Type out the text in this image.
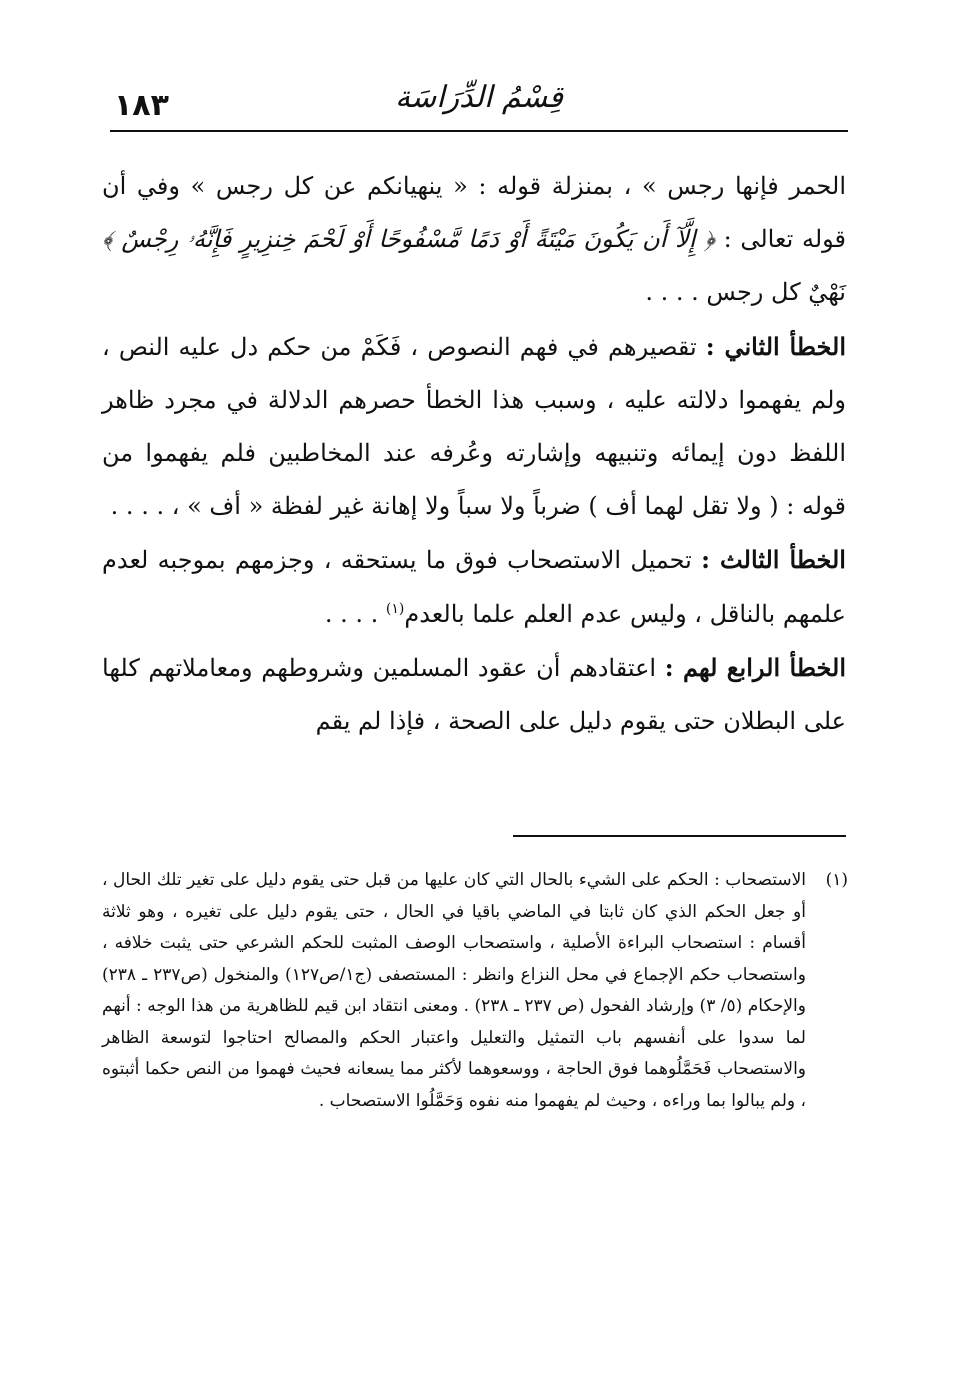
١٨٣	قِسْمُ الدِّرَاسَة

الحمر فإنها رجس » ، بمنزلة قوله : « ينهيانكم عن كل رجس » وفي أن قوله تعالى : ﴿ إِلَّآ أَن يَكُونَ مَيْتَةً أَوْ دَمًا مَّسْفُوحًا أَوْ لَحْمَ خِنزِيرٍ فَإِنَّهُۥ رِجْسٌ ﴾ نَهْيٌ كل رجس . . . .

الخطأ الثاني : تقصيرهم في فهم النصوص ، فَكَمْ من حكم دل عليه النص ، ولم يفهموا دلالته عليه ، وسبب هذا الخطأ حصرهم الدلالة في مجرد ظاهر اللفظ دون إيمائه وتنبيهه وإشارته وعُرفه عند المخاطبين فلم يفهموا من قوله : ( ولا تقل لهما أف ) ضرباً ولا سباً ولا إهانة غير لفظة « أف » ، . . . .

الخطأ الثالث : تحميل الاستصحاب فوق ما يستحقه ، وجزمهم بموجبه لعدم علمهم بالناقل ، وليس عدم العلم علما بالعدم$^{(١)}$ . . . .

الخطأ الرابع لهم : اعتقادهم أن عقود المسلمين وشروطهم ومعاملاتهم كلها على البطلان حتى يقوم دليل على الصحة ، فإذا لم يقم

(١)
الاستصحاب : الحكم على الشيء بالحال التي كان عليها من قبل حتى يقوم دليل على تغير تلك الحال ، أو جعل الحكم الذي كان ثابتا في الماضي باقيا في الحال ، حتى يقوم دليل على تغيره ، وهو ثلاثة أقسام : استصحاب البراءة الأصلية ، واستصحاب الوصف المثبت للحكم الشرعي حتى يثبت خلافه ، واستصحاب حكم الإجماع في محل النزاع وانظر : المستصفى (ج١/ص١٢٧) والمنخول (ص٢٣٧ ـ ٢٣٨) والإحكام (٥/ ٣) وإرشاد الفحول (ص ٢٣٧ ـ ٢٣٨) . ومعنى انتقاد ابن قيم للظاهرية من هذا الوجه : أنهم لما سدوا على أنفسهم باب التمثيل والتعليل واعتبار الحكم والمصالح احتاجوا لتوسعة الظاهر والاستصحاب فَحَمَّلُوهما فوق الحاجة ، ووسعوهما لأكثر مما يسعانه فحيث فهموا من النص حكما أثبتوه ، ولم يبالوا بما وراءه ، وحيث لم يفهموا منه نفوه وَحَمَّلُوا الاستصحاب .
